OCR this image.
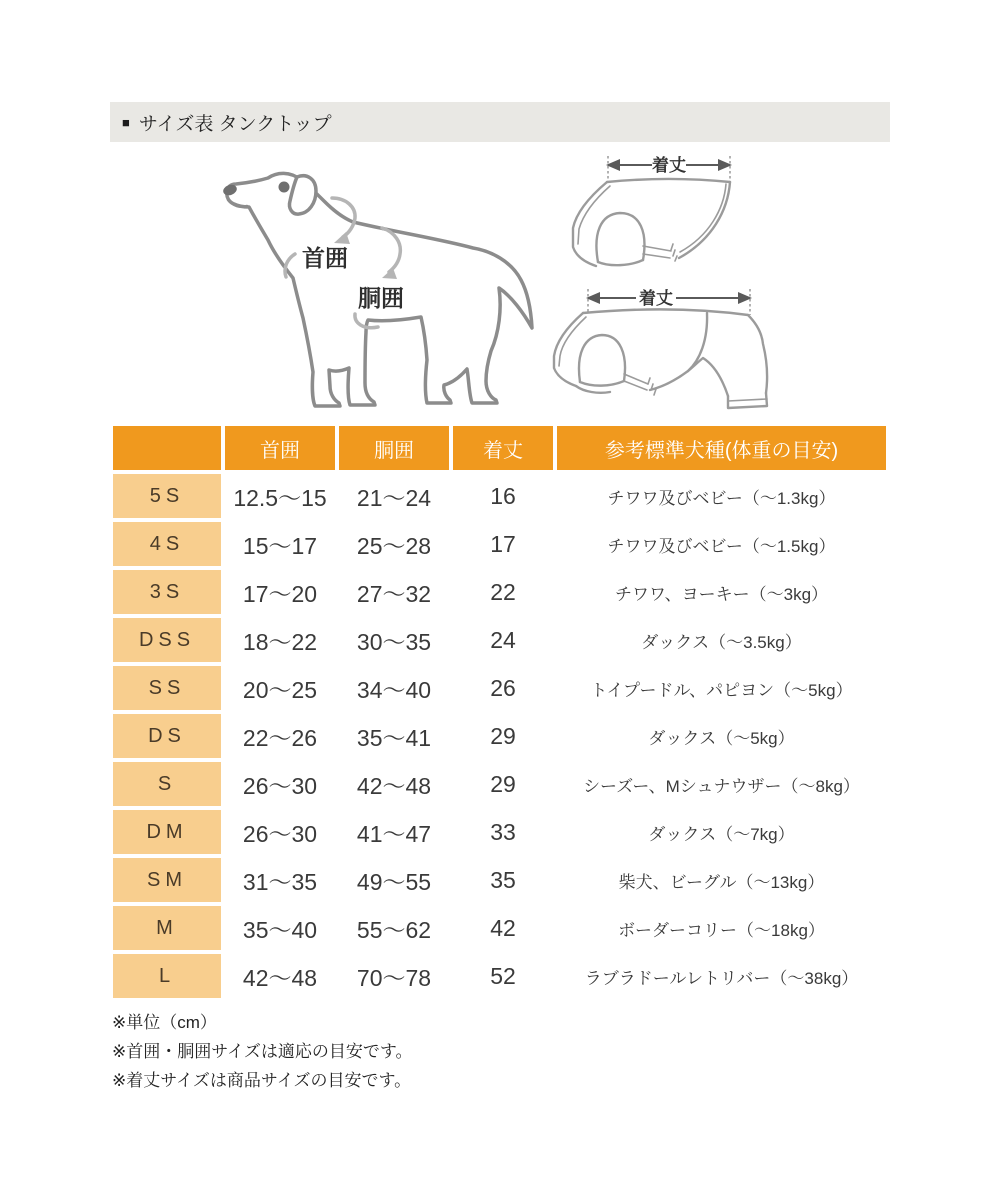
■ サイズ表 タンクトップ
首囲
胴囲
着丈
着丈
	首囲	胴囲	着丈	参考標準犬種(体重の目安)
5S	12.5～15	21～24	16	チワワ及びベビー（～1.3kg）
4S	15～17	25～28	17	チワワ及びベビー（～1.5kg）
3S	17～20	27～32	22	チワワ、ヨーキー（～3kg）
DSS	18～22	30～35	24	ダックス（～3.5kg）
SS	20～25	34～40	26	トイプードル、パピヨン（～5kg）
DS	22～26	35～41	29	ダックス（～5kg）
S	26～30	42～48	29	シーズー、Mシュナウザー（～8kg）
DM	26～30	41～47	33	ダックス（～7kg）
SM	31～35	49～55	35	柴犬、ビーグル（～13kg）
M	35～40	55～62	42	ボーダーコリー（～18kg）
L	42～48	70～78	52	ラブラドールレトリバー（～38kg）
※単位（cm）
※首囲・胴囲サイズは適応の目安です。
※着丈サイズは商品サイズの目安です。
